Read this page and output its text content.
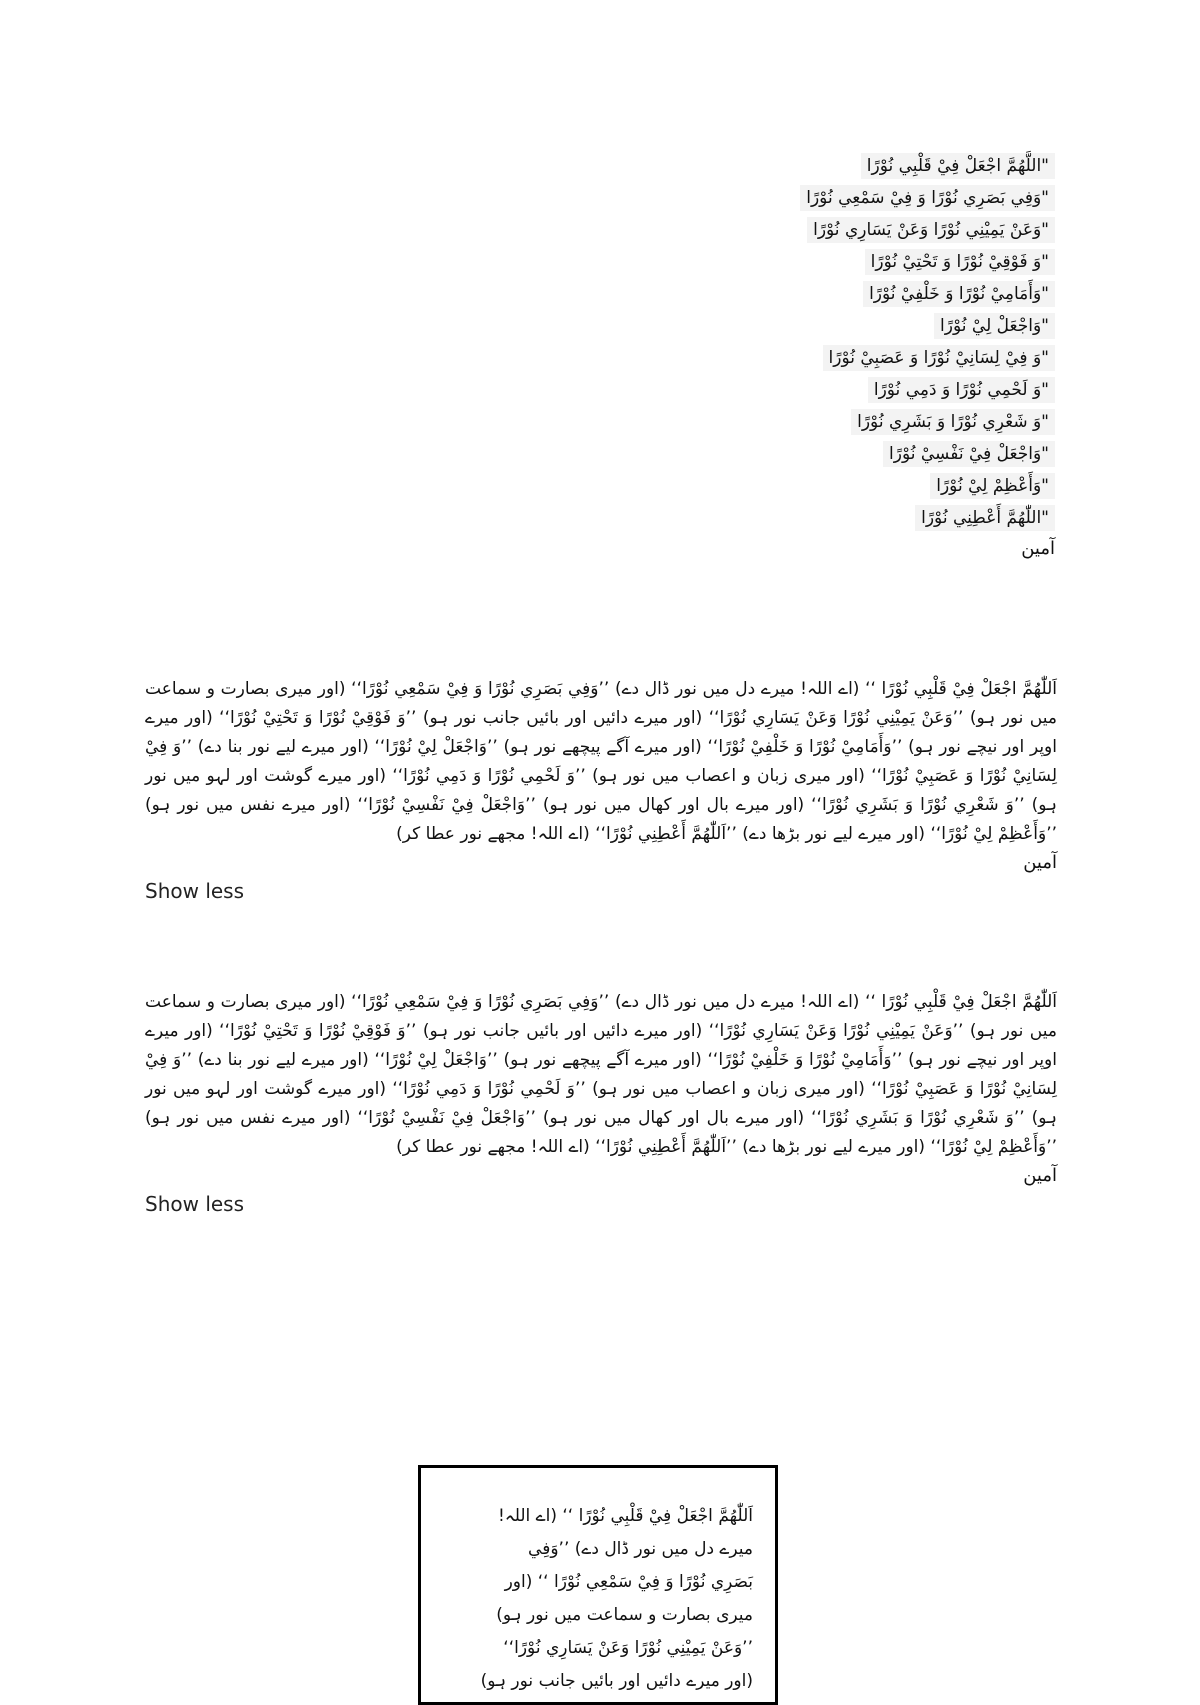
"اللَّهُمَّ اجْعَلْ فِيْ قَلْبِي نُوْرًا
"وَفِي بَصَرِي نُوْرًا وَ فِيْ سَمْعِي نُوْرًا
"وَعَنْ يَمِيْنِي نُوْرًا وَعَنْ يَسَارِي نُوْرًا
"وَ فَوْقِيْ نُوْرًا وَ تَحْتِيْ نُوْرًا
"وَأَمَامِيْ نُوْرًا وَ خَلْفِيْ نُوْرًا
"وَاجْعَلْ لِيْ نُوْرًا
"وَ فِيْ لِسَانِيْ نُوْرًا وَ عَصَبِيْ نُوْرًا
"وَ لَحْمِي نُوْرًا وَ دَمِي نُوْرًا
"وَ شَعْرِي نُوْرًا وَ بَشَرِي نُوْرًا
"وَاجْعَلْ فِيْ نَفْسِيْ نُوْرًا
"وَأَعْظِمْ لِيْ نُوْرًا
"اللّٰهُمَّ أَعْطِنِي نُوْرًا
آمین

اَللّٰهُمَّ اجْعَلْ فِيْ قَلْبِي نُوْرًا ‘‘ (اے اللہ! میرے دل میں نور ڈال دے) ’’وَفِي بَصَرِي نُوْرًا وَ فِيْ سَمْعِي نُوْرًا‘‘ (اور میری بصارت و سماعت میں نور ہو) ’’وَعَنْ يَمِيْنِي نُوْرًا وَعَنْ يَسَارِي نُوْرًا‘‘ (اور میرے دائیں اور بائیں جانب نور ہو) ’’وَ فَوْقِيْ نُوْرًا وَ تَحْتِيْ نُوْرًا‘‘ (اور میرے اوپر اور نیچے نور ہو) ’’وَأَمَامِيْ نُوْرًا وَ خَلْفِيْ نُوْرًا‘‘ (اور میرے آگے پیچھے نور ہو) ’’وَاجْعَلْ لِيْ نُوْرًا‘‘ (اور میرے لیے نور بنا دے) ’’وَ فِيْ لِسَانِيْ نُوْرًا وَ عَصَبِيْ نُوْرًا‘‘ (اور میری زبان و اعصاب میں نور ہو) ’’وَ لَحْمِي نُوْرًا وَ دَمِي نُوْرًا‘‘ (اور میرے گوشت اور لہو میں نور ہو) ’’وَ شَعْرِي نُوْرًا وَ بَشَرِي نُوْرًا‘‘ (اور میرے بال اور کھال میں نور ہو) ’’وَاجْعَلْ فِيْ نَفْسِيْ نُوْرًا‘‘ (اور میرے نفس میں نور ہو) ’’وَأَعْظِمْ لِيْ نُوْرًا‘‘ (اور میرے لیے نور بڑھا دے) ’’اَللّٰهُمَّ أَعْطِنِي نُوْرًا‘‘ (اے اللہ! مجھے نور عطا کر)

آمین
Show less

اَللّٰهُمَّ اجْعَلْ فِيْ قَلْبِي نُوْرًا ‘‘ (اے اللہ! میرے دل میں نور ڈال دے) ’’وَفِي بَصَرِي نُوْرًا وَ فِيْ سَمْعِي نُوْرًا‘‘ (اور میری بصارت و سماعت میں نور ہو) ’’وَعَنْ يَمِيْنِي نُوْرًا وَعَنْ يَسَارِي نُوْرًا‘‘ (اور میرے دائیں اور بائیں جانب نور ہو) ’’وَ فَوْقِيْ نُوْرًا وَ تَحْتِيْ نُوْرًا‘‘ (اور میرے اوپر اور نیچے نور ہو) ’’وَأَمَامِيْ نُوْرًا وَ خَلْفِيْ نُوْرًا‘‘ (اور میرے آگے پیچھے نور ہو) ’’وَاجْعَلْ لِيْ نُوْرًا‘‘ (اور میرے لیے نور بنا دے) ’’وَ فِيْ لِسَانِيْ نُوْرًا وَ عَصَبِيْ نُوْرًا‘‘ (اور میری زبان و اعصاب میں نور ہو) ’’وَ لَحْمِي نُوْرًا وَ دَمِي نُوْرًا‘‘ (اور میرے گوشت اور لہو میں نور ہو) ’’وَ شَعْرِي نُوْرًا وَ بَشَرِي نُوْرًا‘‘ (اور میرے بال اور کھال میں نور ہو) ’’وَاجْعَلْ فِيْ نَفْسِيْ نُوْرًا‘‘ (اور میرے نفس میں نور ہو) ’’وَأَعْظِمْ لِيْ نُوْرًا‘‘ (اور میرے لیے نور بڑھا دے) ’’اَللّٰهُمَّ أَعْطِنِي نُوْرًا‘‘ (اے اللہ! مجھے نور عطا کر)

آمین
Show less

اَللّٰهُمَّ اجْعَلْ فِيْ قَلْبِي نُوْرًا ‘‘ (اے اللہ!

میرے دل میں نور ڈال دے) ’’وَفِي

بَصَرِي نُوْرًا وَ فِيْ سَمْعِي نُوْرًا ‘‘ (اور

میری بصارت و سماعت میں نور ہو)

’’وَعَنْ يَمِيْنِي نُوْرًا وَعَنْ يَسَارِي نُوْرًا‘‘

(اور میرے دائیں اور بائیں جانب نور ہو)
